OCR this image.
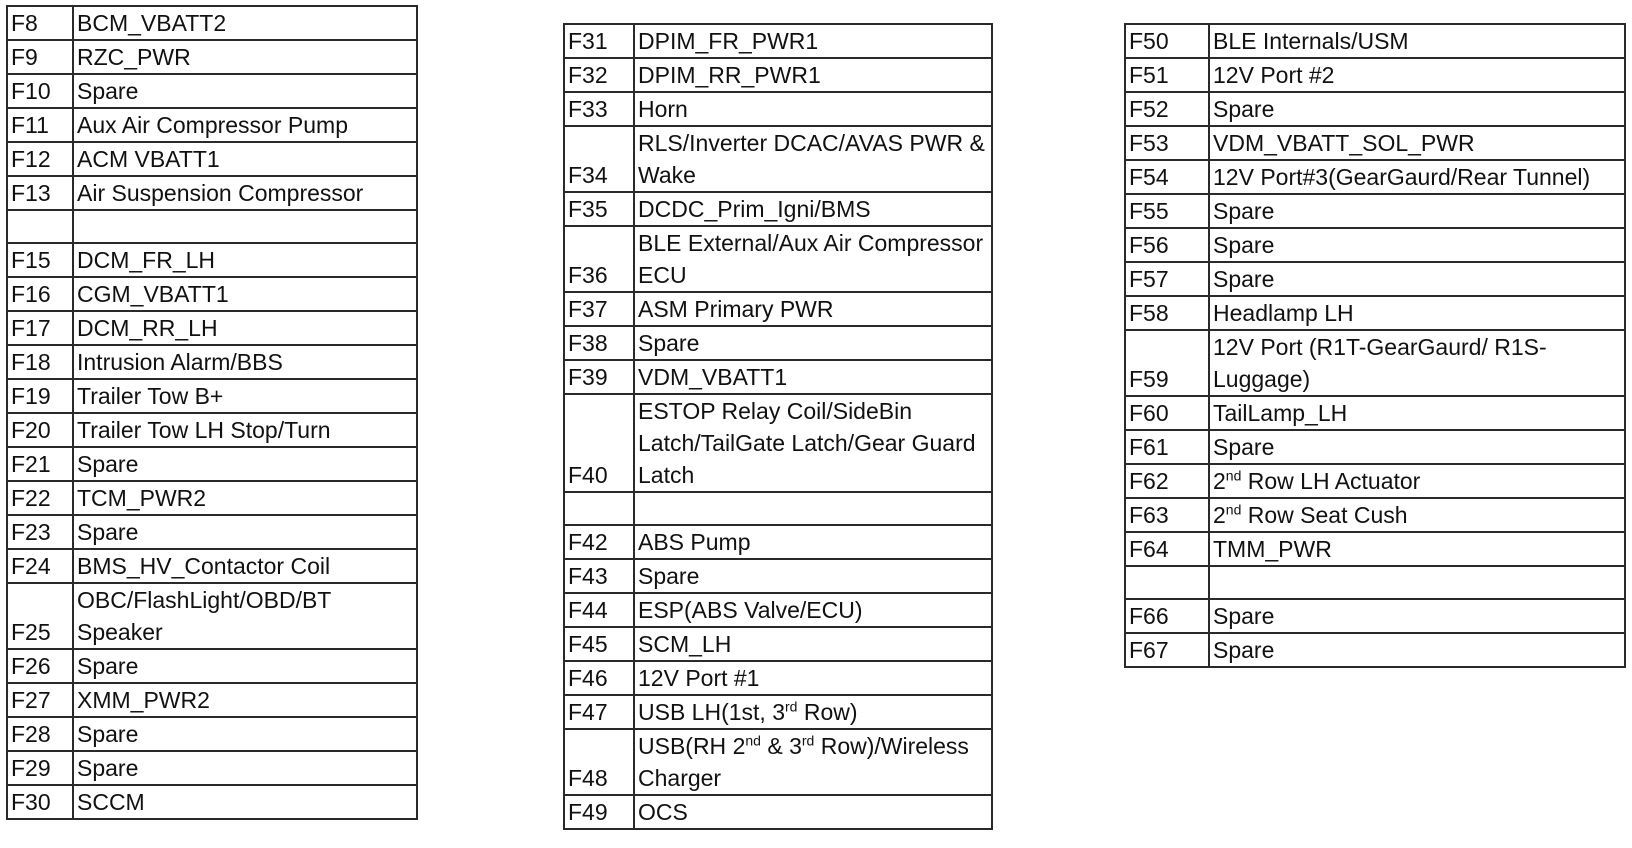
F8	BCM_VBATT2
F9	RZC_PWR
F10	Spare
F11	Aux Air Compressor Pump
F12	ACM VBATT1
F13	Air Suspension Compressor

F15	DCM_FR_LH
F16	CGM_VBATT1
F17	DCM_RR_LH
F18	Intrusion Alarm/BBS
F19	Trailer Tow B+
F20	Trailer Tow LH Stop/Turn
F21	Spare
F22	TCM_PWR2
F23	Spare
F24	BMS_HV_Contactor Coil
F25	OBC/FlashLight/OBD/BT Speaker
F26	Spare
F27	XMM_PWR2
F28	Spare
F29	Spare
F30	SCCM
F31	DPIM_FR_PWR1
F32	DPIM_RR_PWR1
F33	Horn
F34	RLS/Inverter DCAC/AVAS PWR & Wake
F35	DCDC_Prim_Igni/BMS
F36	BLE External/Aux Air Compressor ECU
F37	ASM Primary PWR
F38	Spare
F39	VDM_VBATT1
F40	ESTOP Relay Coil/SideBin Latch/TailGate Latch/Gear Guard Latch

F42	ABS Pump
F43	Spare
F44	ESP(ABS Valve/ECU)
F45	SCM_LH
F46	12V Port #1
F47	USB LH(1st, 3rd Row)
F48	USB(RH 2nd & 3rd Row)/Wireless Charger
F49	OCS
F50	BLE Internals/USM
F51	12V Port #2
F52	Spare
F53	VDM_VBATT_SOL_PWR
F54	12V Port#3(GearGaurd/Rear Tunnel)
F55	Spare
F56	Spare
F57	Spare
F58	Headlamp LH
F59	12V Port (R1T-GearGaurd/ R1S-Luggage)
F60	TailLamp_LH
F61	Spare
F62	2nd Row LH Actuator
F63	2nd Row Seat Cush
F64	TMM_PWR

F66	Spare
F67	Spare
